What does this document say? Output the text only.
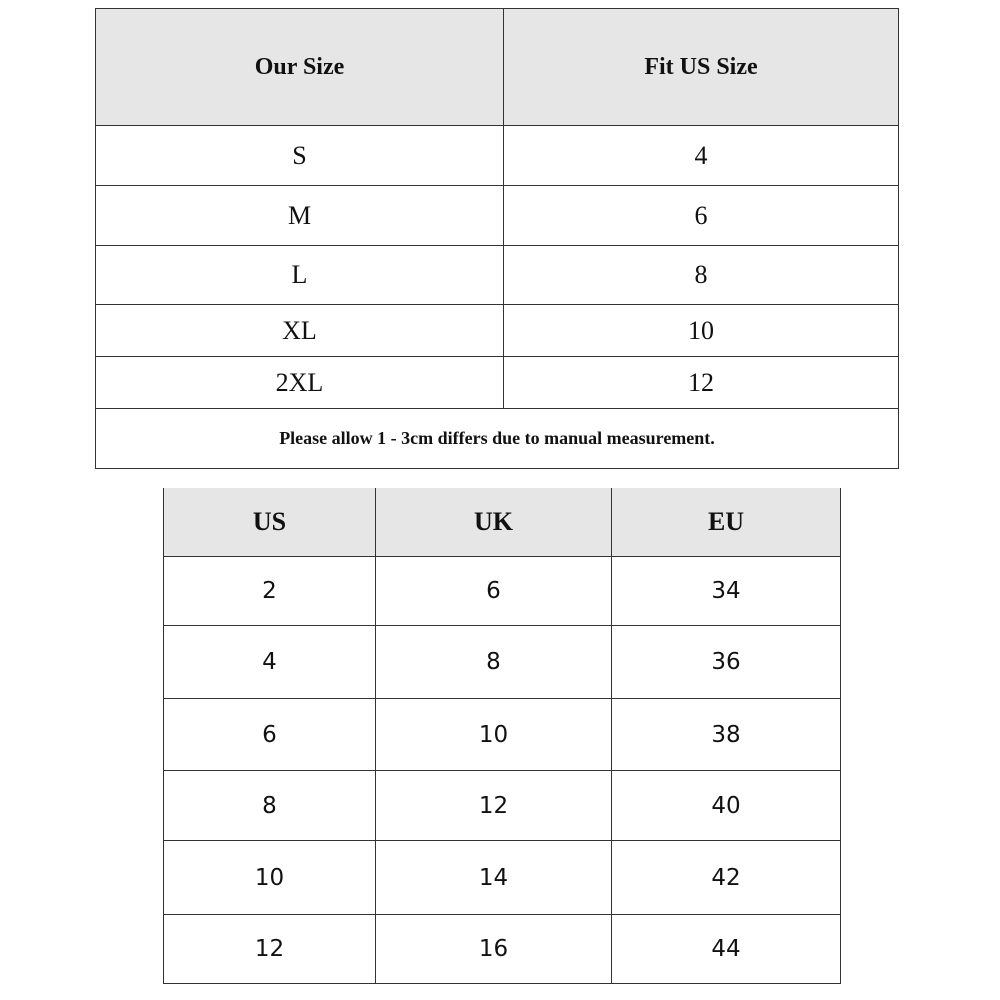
Our Size	Fit US Size
S	4
M	6
L	8
XL	10
2XL	12
Please allow 1 - 3cm differs due to manual measurement.	
US	UK	EU
2	6	34
4	8	36
6	10	38
8	12	40
10	14	42
12	16	44
